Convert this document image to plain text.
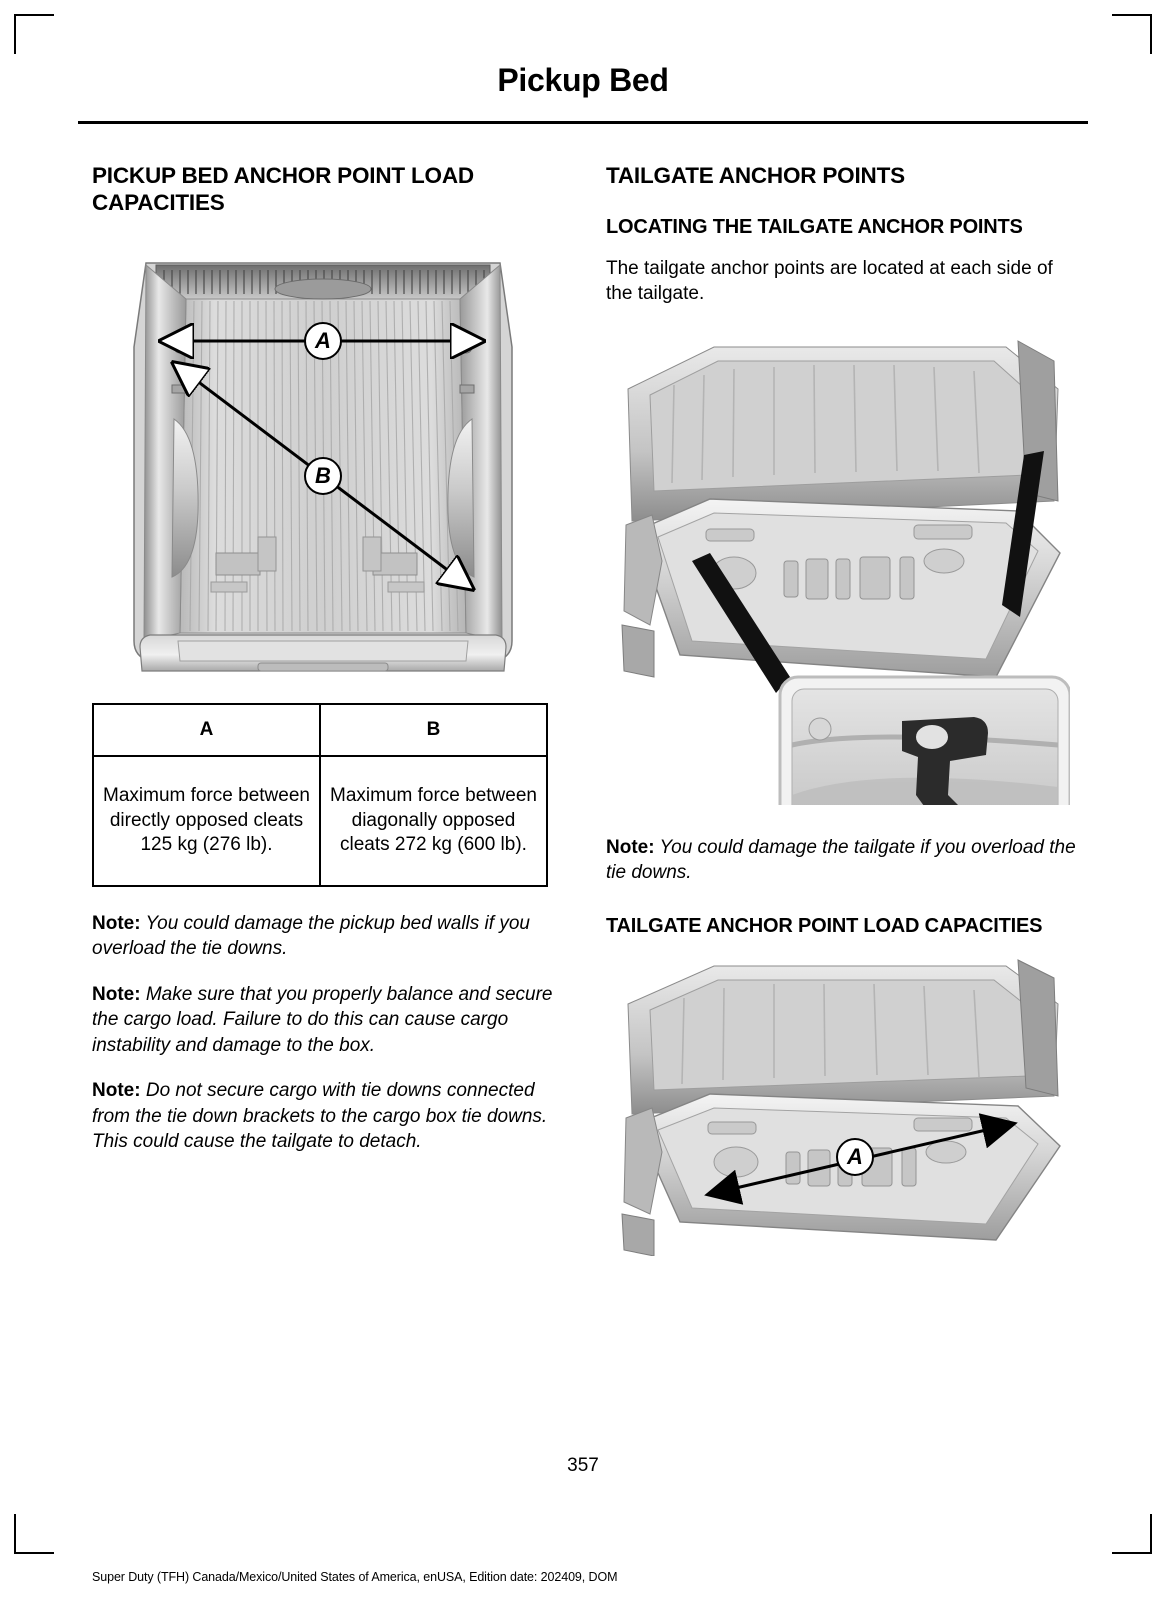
Pickup Bed
PICKUP BED ANCHOR POINT LOAD CAPACITIES
A
B
A	B
Maximum force between directly opposed cleats 125 kg (276 lb).	Maximum force between diagonally opposed cleats 272 kg (600 lb).

Note: You could damage the pickup bed walls if you overload the tie downs.

Note: Make sure that you properly balance and secure the cargo load. Failure to do this can cause cargo instability and damage to the box.

Note: Do not secure cargo with tie downs connected from the tie down brackets to the cargo box tie downs. This could cause the tailgate to detach.

TAILGATE ANCHOR POINTS
LOCATING THE TAILGATE ANCHOR POINTS

The tailgate anchor points are located at each side of the tailgate.

Note: You could damage the tailgate if you overload the tie downs.

TAILGATE ANCHOR POINT LOAD CAPACITIES
A
357
Super Duty (TFH) Canada/Mexico/United States of America, enUSA, Edition date: 202409, DOM
